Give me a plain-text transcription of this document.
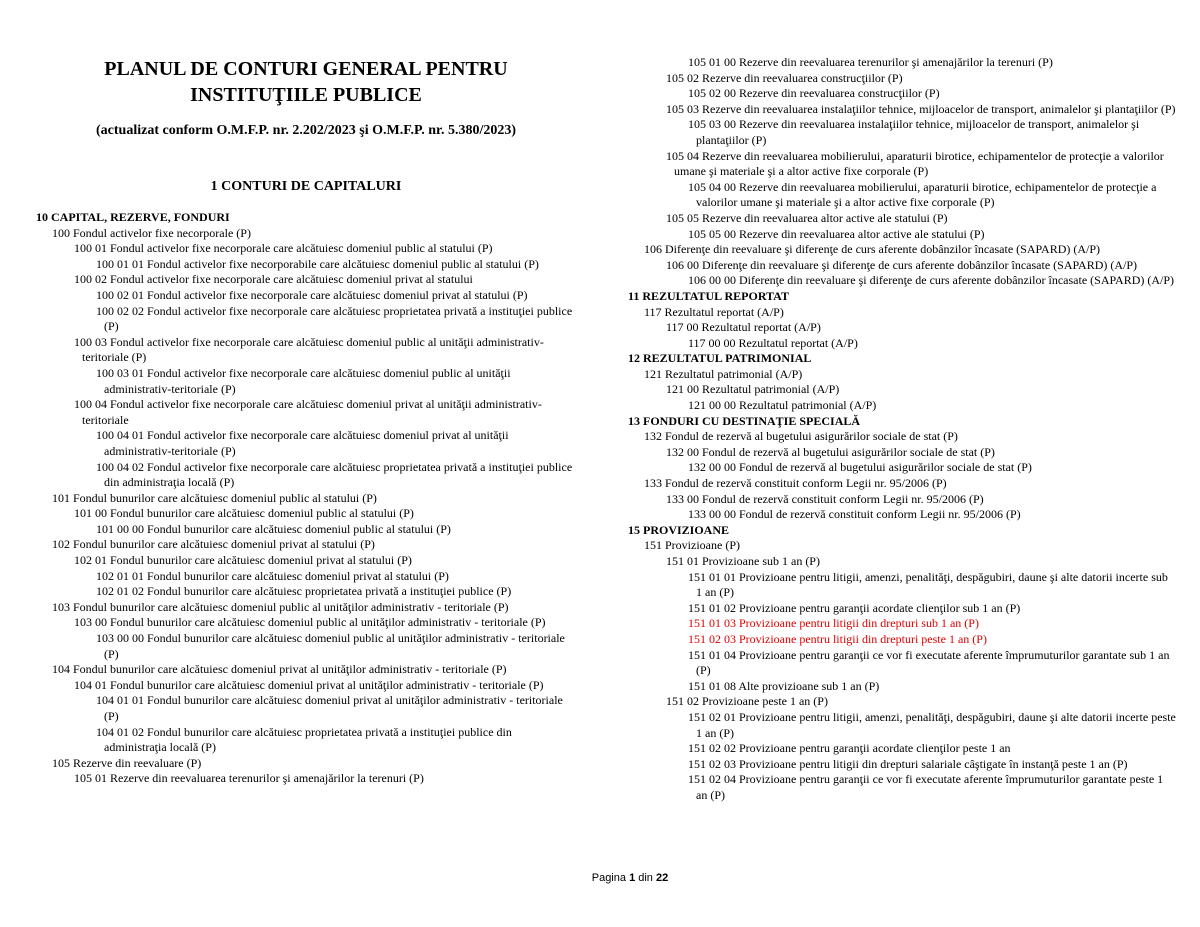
PLANUL DE CONTURI GENERAL PENTRU INSTITUŢIILE PUBLICE
(actualizat conform O.M.F.P. nr. 2.202/2023 şi O.M.F.P. nr. 5.380/2023)
1 CONTURI DE CAPITALURI
10 CAPITAL, REZERVE, FONDURI
100 Fondul activelor fixe necorporale (P)
100 01 Fondul activelor fixe necorporale care alcătuiesc domeniul public al statului (P)
100 01 01 Fondul activelor fixe necorporabile care alcătuiesc domeniul public al statului (P)
100 02 Fondul activelor fixe necorporale care alcătuiesc domeniul privat al statului
100 02 01 Fondul activelor fixe necorporale care alcătuiesc domeniul privat al statului (P)
100 02 02 Fondul activelor fixe necorporale care alcătuiesc proprietatea privată a instituţiei publice (P)
100 03 Fondul activelor fixe necorporale care alcătuiesc domeniul public al unităţii administrativ-teritoriale (P)
100 03 01 Fondul activelor fixe necorporale care alcătuiesc domeniul public al unităţii administrativ-teritoriale (P)
100 04 Fondul activelor fixe necorporale care alcătuiesc domeniul privat al unităţii administrativ-teritoriale
100 04 01 Fondul activelor fixe necorporale care alcătuiesc domeniul privat al unităţii administrativ-teritoriale (P)
100 04 02 Fondul activelor fixe necorporale care alcătuiesc proprietatea privată a instituţiei publice din administraţia locală (P)
101 Fondul bunurilor care alcătuiesc domeniul public al statului (P)
101 00 Fondul bunurilor care alcătuiesc domeniul public al statului (P)
101 00 00 Fondul bunurilor care alcătuiesc domeniul public al statului (P)
102 Fondul bunurilor care alcătuiesc domeniul privat al statului (P)
102 01 Fondul bunurilor care alcătuiesc domeniul privat al statului (P)
102 01 01 Fondul bunurilor care alcătuiesc domeniul privat al statului (P)
102 01 02 Fondul bunurilor care alcătuiesc proprietatea privată a instituţiei publice (P)
103 Fondul bunurilor care alcătuiesc domeniul public al unităţilor administrativ - teritoriale (P)
103 00 Fondul bunurilor care alcătuiesc domeniul public al unităţilor administrativ - teritoriale (P)
103 00 00 Fondul bunurilor care alcătuiesc domeniul public al unităţilor administrativ - teritoriale (P)
104 Fondul bunurilor care alcătuiesc domeniul privat al unităţilor administrativ - teritoriale (P)
104 01 Fondul bunurilor care alcătuiesc domeniul privat al unităţilor administrativ - teritoriale (P)
104 01 01 Fondul bunurilor care alcătuiesc domeniul privat al unităţilor administrativ - teritoriale (P)
104 01 02 Fondul bunurilor care alcătuiesc proprietatea privată a instituţiei publice din administraţia locală (P)
105 Rezerve din reevaluare (P)
105 01 Rezerve din reevaluarea terenurilor şi amenajărilor la terenuri (P)
105 01 00 Rezerve din reevaluarea terenurilor şi amenajărilor la terenuri (P)
105 02 Rezerve din reevaluarea construcţiilor (P)
105 02 00 Rezerve din reevaluarea construcţiilor (P)
105 03 Rezerve din reevaluarea instalaţiilor tehnice, mijloacelor de transport, animalelor şi plantaţiilor (P)
105 03 00 Rezerve din reevaluarea instalaţiilor tehnice, mijloacelor de transport, animalelor şi plantaţiilor (P)
105 04 Rezerve din reevaluarea mobilierului, aparaturii birotice, echipamentelor de protecţie a valorilor umane şi materiale şi a altor active fixe corporale (P)
105 04 00 Rezerve din reevaluarea mobilierului, aparaturii birotice, echipamentelor de protecţie a valorilor umane şi materiale şi a altor active fixe corporale (P)
105 05 Rezerve din reevaluarea altor active ale statului (P)
105 05 00 Rezerve din reevaluarea altor active ale statului (P)
106 Diferenţe din reevaluare şi diferenţe de curs aferente dobânzilor încasate (SAPARD) (A/P)
106 00 Diferenţe din reevaluare şi diferenţe de curs aferente dobânzilor încasate (SAPARD) (A/P)
106 00 00 Diferenţe din reevaluare şi diferenţe de curs aferente dobânzilor încasate (SAPARD) (A/P)
11 REZULTATUL REPORTAT
117 Rezultatul reportat (A/P)
117 00 Rezultatul reportat (A/P)
117 00 00 Rezultatul reportat (A/P)
12 REZULTATUL PATRIMONIAL
121 Rezultatul patrimonial (A/P)
121 00 Rezultatul patrimonial (A/P)
121 00 00 Rezultatul patrimonial (A/P)
13 FONDURI CU DESTINAŢIE SPECIALĂ
132 Fondul de rezervă al bugetului asigurărilor sociale de stat (P)
132 00 Fondul de rezervă al bugetului asigurărilor sociale de stat (P)
132 00 00 Fondul de rezervă al bugetului asigurărilor sociale de stat (P)
133 Fondul de rezervă constituit conform Legii nr. 95/2006 (P)
133 00 Fondul de rezervă constituit conform Legii nr. 95/2006 (P)
133 00 00 Fondul de rezervă constituit conform Legii nr. 95/2006 (P)
15 PROVIZIOANE
151 Provizioane (P)
151 01 Provizioane sub 1 an (P)
151 01 01 Provizioane pentru litigii, amenzi, penalităţi, despăgubiri, daune şi alte datorii incerte sub 1 an (P)
151 01 02 Provizioane pentru garanţii acordate clienţilor sub 1 an (P)
151 01 03 Provizioane pentru litigii din drepturi sub 1 an (P)
151 02 03 Provizioane pentru litigii din drepturi peste 1 an (P)
151 01 04 Provizioane pentru garanţii ce vor fi executate aferente împrumuturilor garantate sub 1 an (P)
151 01 08 Alte provizioane sub 1 an (P)
151 02 Provizioane peste 1 an (P)
151 02 01 Provizioane pentru litigii, amenzi, penalităţi, despăgubiri, daune şi alte datorii incerte peste 1 an (P)
151 02 02 Provizioane pentru garanţii acordate clienţilor peste 1 an
151 02 03 Provizioane pentru litigii din drepturi salariale câştigate în instanţă peste 1 an (P)
151 02 04 Provizioane pentru garanţii ce vor fi executate aferente împrumuturilor garantate peste 1 an (P)
Pagina 1 din 22
